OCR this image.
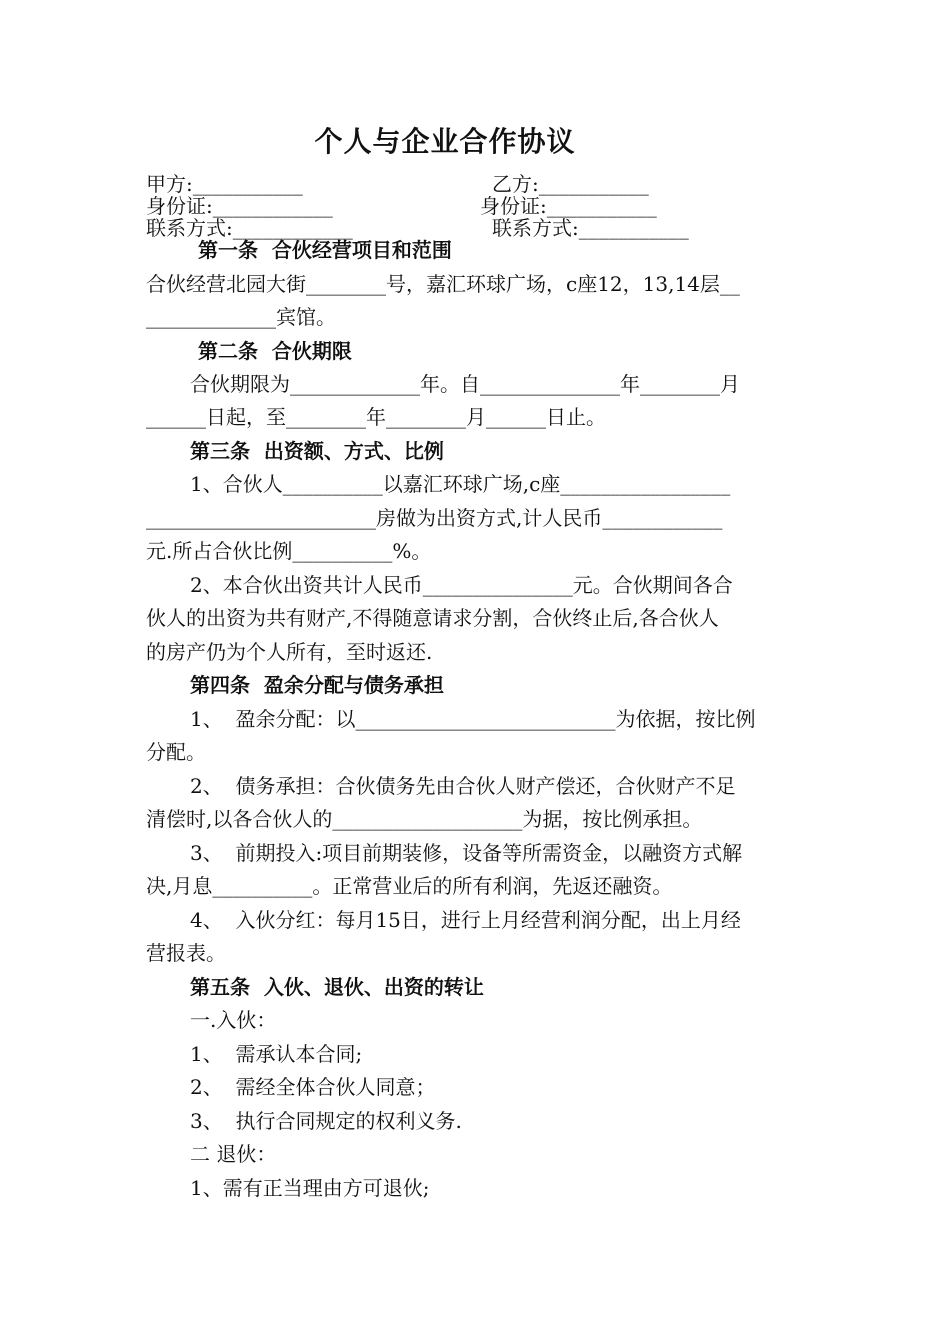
个人与企业合作协议
甲方:___________	乙方:___________
身份证:____________	身份证:___________
联系方式:____________	联系方式:___________
第一条  合伙经营项目和范围
合伙经营北园大街________号，嘉汇环球广场，c座12，13,14层__
_____________宾馆。
第二条  合伙期限
合伙期限为_____________年。自______________年________月
______日起，至________年________月______日止。
第三条  出资额、方式、比例
1、合伙人__________以嘉汇环球广场,c座_________________
_______________________房做为出资方式,计人民币____________
元.所占合伙比例__________%。
2、本合伙出资共计人民币_______________元。合伙期间各合
伙人的出资为共有财产,不得随意请求分割，合伙终止后,各合伙人
的房产仍为个人所有，至时返还.
第四条  盈余分配与债务承担
1、  盈余分配：以__________________________为依据，按比例
分配。
2、  债务承担：合伙债务先由合伙人财产偿还，合伙财产不足
清偿时,以各合伙人的___________________为据，按比例承担。
3、  前期投入:项目前期装修，设备等所需资金，以融资方式解
决,月息__________。正常营业后的所有利润，先返还融资。
4、  入伙分红：每月15日，进行上月经营利润分配，出上月经
营报表。
第五条  入伙、退伙、出资的转让
一.入伙：
1、  需承认本合同;
2、  需经全体合伙人同意；
3、  执行合同规定的权利义务.
二 退伙：
1、需有正当理由方可退伙;
